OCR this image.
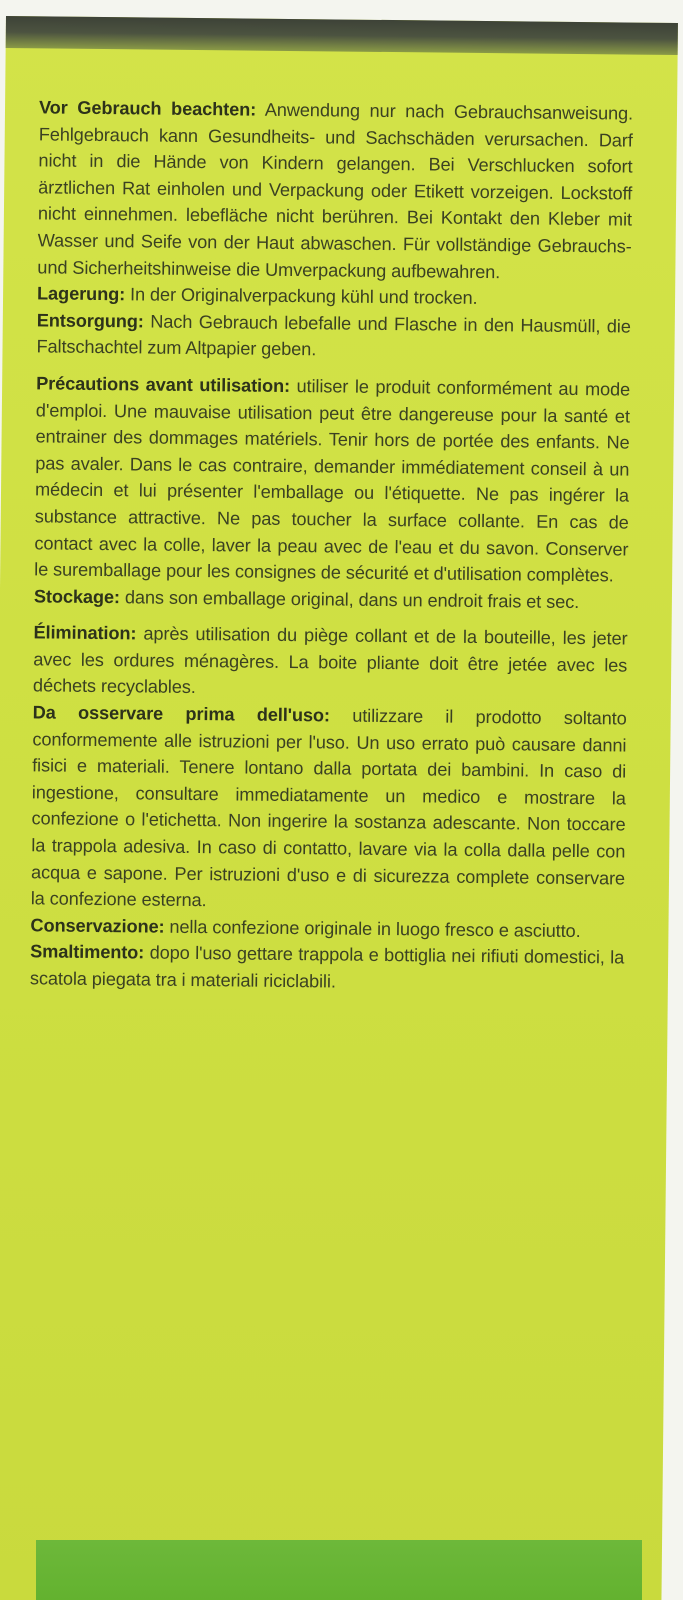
Vor Gebrauch beachten: Anwendung nur nach Gebrauchsanweisung. Fehlgebrauch kann Gesundheits- und Sachschäden verursachen. Darf nicht in die Hände von Kindern gelangen. Bei Verschlucken sofort ärztlichen Rat einholen und Verpackung oder Etikett vorzeigen. Lockstoff nicht einnehmen. lebefläche nicht berühren. Bei Kontakt den Kleber mit Wasser und Seife von der Haut abwaschen. Für vollständige Gebrauchs- und Sicherheitshinweise die Umverpackung aufbewahren.

Lagerung: In der Originalverpackung kühl und trocken.

Entsorgung: Nach Gebrauch lebefalle und Flasche in den Hausmüll, die Faltschachtel zum Altpapier geben.

Précautions avant utilisation: utiliser le produit conformément au mode d'emploi. Une mauvaise utilisation peut être dangereuse pour la santé et entrainer des dommages matériels. Tenir hors de portée des enfants. Ne pas avaler. Dans le cas contraire, demander immédiatement conseil à un médecin et lui présenter l'emballage ou l'étiquette. Ne pas ingérer la substance attractive. Ne pas toucher la surface collante. En cas de contact avec la colle, laver la peau avec de l'eau et du savon. Conserver le suremballage pour les consignes de sécurité et d'utilisation complètes.

Stockage: dans son emballage original, dans un endroit frais et sec.

Élimination: après utilisation du piège collant et de la bouteille, les jeter avec les ordures ménagères. La boite pliante doit être jetée avec les déchets recyclables.

Da osservare prima dell'uso: utilizzare il prodotto soltanto conformemente alle istruzioni per l'uso. Un uso errato può causare danni fisici e materiali. Tenere lontano dalla portata dei bambini. In caso di ingestione, consultare immediatamente un medico e mostrare la confezione o l'etichetta. Non ingerire la sostanza adescante. Non toccare la trappola adesiva. In caso di contatto, lavare via la colla dalla pelle con acqua e sapone. Per istruzioni d'uso e di sicurezza complete conservare la confezione esterna.

Conservazione: nella confezione originale in luogo fresco e asciutto.

Smaltimento: dopo l'uso gettare trappola e bottiglia nei rifiuti domestici, la scatola piegata tra i materiali riciclabili.
